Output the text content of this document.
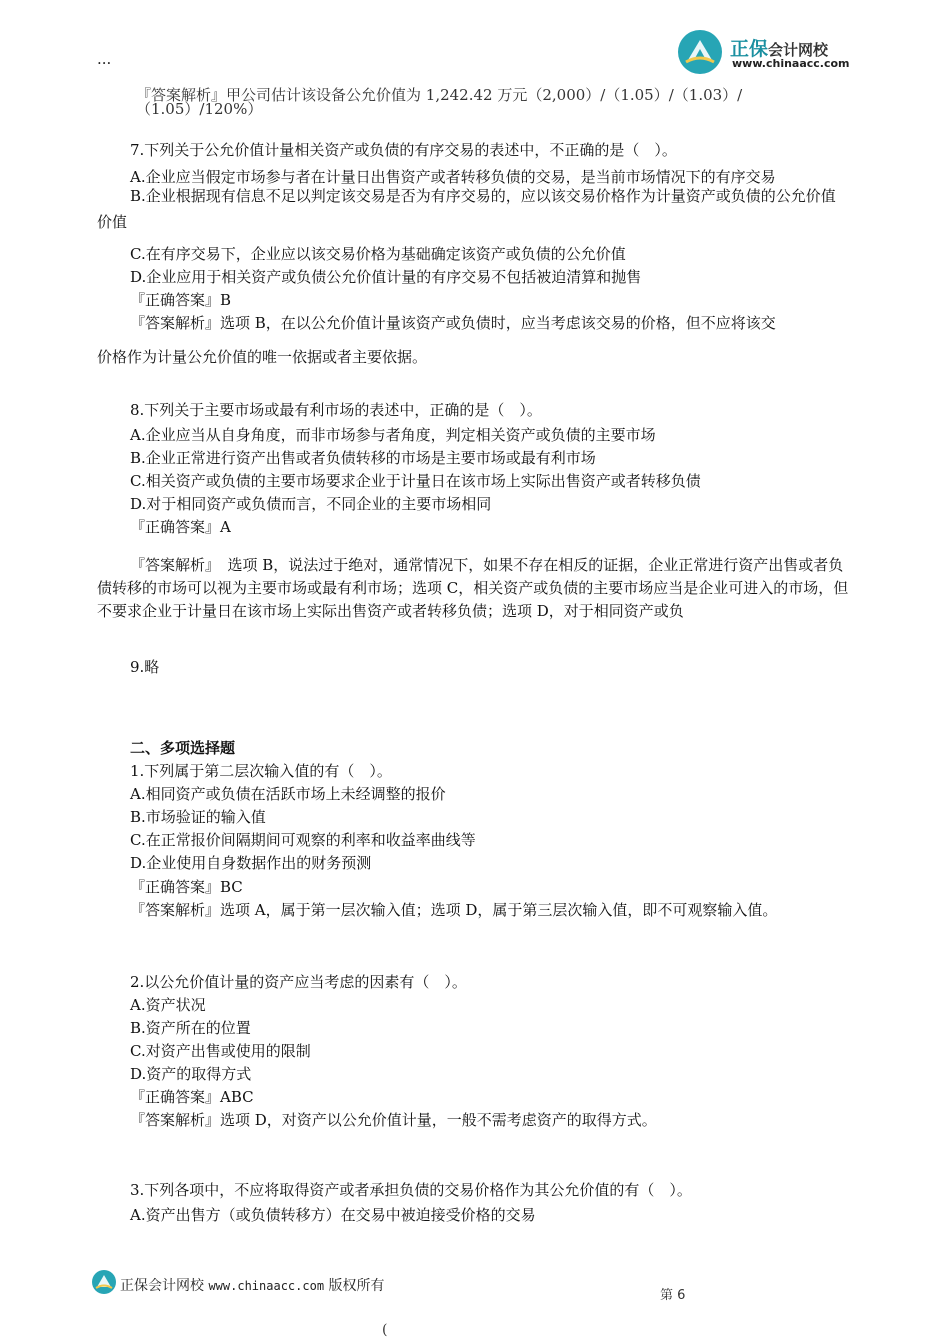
···
『答案解析』甲公司估计该设备公允价值为 1,242.42 万元（2,000）/（1.05）/（1.03）/（1.05）/120%）
正保会计网校
www.chinaacc.com
7.下列关于公允价值计量相关资产或负债的有序交易的表述中，不正确的是（　）。
A.企业应当假定市场参与者在计量日出售资产或者转移负债的交易，是当前市场情况下的有序交易
B.企业根据现有信息不足以判定该交易是否为有序交易的，应以该交易价格作为计量资产或负债的公允价值
价值
C.在有序交易下，企业应以该交易价格为基础确定该资产或负债的公允价值
D.企业应用于相关资产或负债公允价值计量的有序交易不包括被迫清算和抛售
『正确答案』B
『答案解析』选项 B，在以公允价值计量该资产或负债时，应当考虑该交易的价格，但不应将该交
价格作为计量公允价值的唯一依据或者主要依据。
8.下列关于主要市场或最有利市场的表述中，正确的是（　）。
A.企业应当从自身角度，而非市场参与者角度，判定相关资产或负债的主要市场
B.企业正常进行资产出售或者负债转移的市场是主要市场或最有利市场
C.相关资产或负债的主要市场要求企业于计量日在该市场上实际出售资产或者转移负债
D.对于相同资产或负债而言，不同企业的主要市场相同
『正确答案』A
『答案解析』　选项 B，说法过于绝对，通常情况下，如果不存在相反的证据，企业正常进行资产出售或者负债转移的市场可以视为主要市场或最有利市场；选项 C，相关资产或负债的主要市场应当是企业可进入的市场，但不要求企业于计量日在该市场上实际出售资产或者转移负债；选项 D，对于相同资产或负
9.略
二、多项选择题
1.下列属于第二层次输入值的有（　）。
A.相同资产或负债在活跃市场上未经调整的报价
B.市场验证的输入值
C.在正常报价间隔期间可观察的利率和收益率曲线等
D.企业使用自身数据作出的财务预测
『正确答案』BC
『答案解析』选项 A，属于第一层次输入值；选项 D，属于第三层次输入值，即不可观察输入值。
2.以公允价值计量的资产应当考虑的因素有（　）。
A.资产状况
B.资产所在的位置
C.对资产出售或使用的限制
D.资产的取得方式
『正确答案』ABC
『答案解析』选项 D，对资产以公允价值计量，一般不需考虑资产的取得方式。
3.下列各项中，不应将取得资产或者承担负债的交易价格作为其公允价值的有（　）。
A.资产出售方（或负债转移方）在交易中被迫接受价格的交易
正保会计网校 www.chinaacc.com 版权所有
第 6
(
